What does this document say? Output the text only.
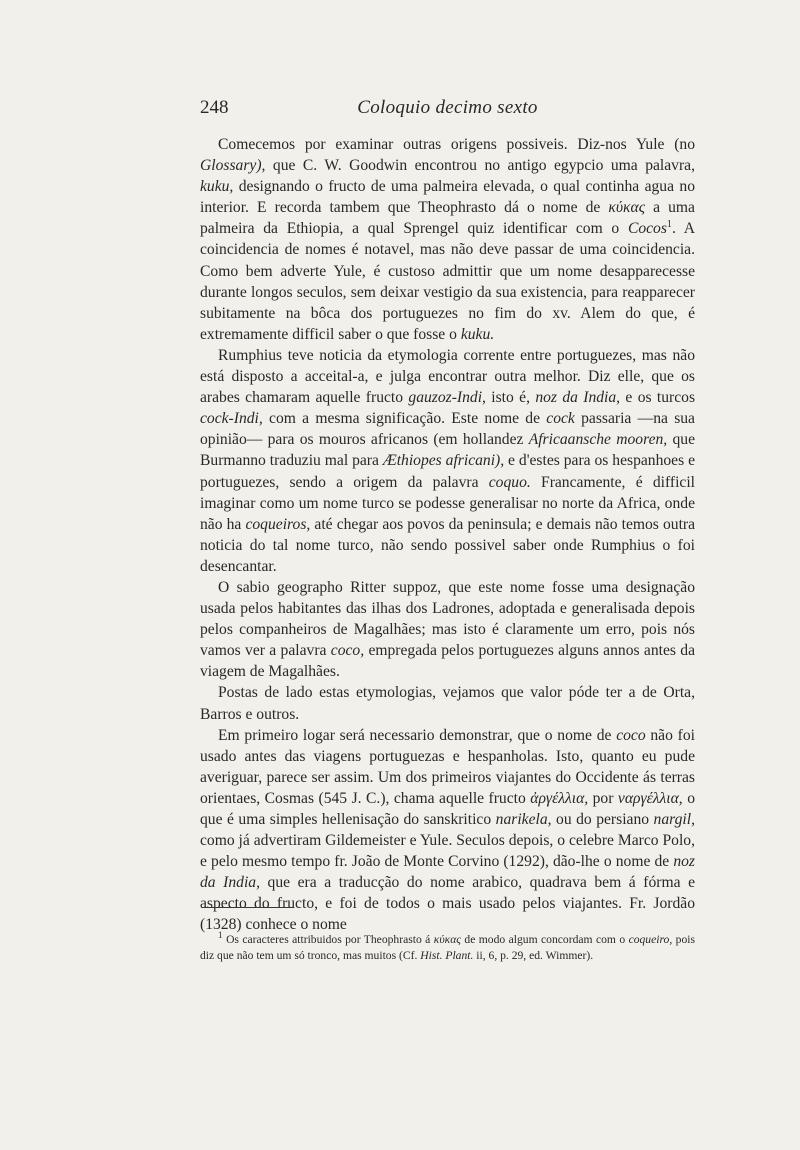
248	Coloquio decimo sexto

Comecemos por examinar outras origens possiveis. Diz-nos Yule (no Glossary), que C. W. Goodwin encontrou no antigo egypcio uma palavra, kuku, designando o fructo de uma palmeira elevada, o qual continha agua no interior. E recorda tambem que Theophrasto dá o nome de κύκας a uma palmeira da Ethiopia, a qual Sprengel quiz identificar com o Cocos$^1$. A coincidencia de nomes é notavel, mas não deve passar de uma coincidencia. Como bem adverte Yule, é custoso admittir que um nome desapparecesse durante longos seculos, sem deixar vestigio da sua existencia, para reapparecer subitamente na bôca dos portuguezes no fim do xv. Alem do que, é extremamente difficil saber o que fosse o kuku.

Rumphius teve noticia da etymologia corrente entre portuguezes, mas não está disposto a acceital-a, e julga encontrar outra melhor. Diz elle, que os arabes chamaram aquelle fructo gauzoz-Indi, isto é, noz da India, e os turcos cock-Indi, com a mesma significação. Este nome de cock passaria —na sua opinião— para os mouros africanos (em hollandez Africaansche mooren, que Burmanno traduziu mal para Æthiopes africani), e d'estes para os hespanhoes e portuguezes, sendo a origem da palavra coquo. Francamente, é difficil imaginar como um nome turco se podesse generalisar no norte da Africa, onde não ha coqueiros, até chegar aos povos da peninsula; e demais não temos outra noticia do tal nome turco, não sendo possivel saber onde Rumphius o foi desencantar.

O sabio geographo Ritter suppoz, que este nome fosse uma designação usada pelos habitantes das ilhas dos Ladrones, adoptada e generalisada depois pelos companheiros de Magalhães; mas isto é claramente um erro, pois nós vamos ver a palavra coco, empregada pelos portuguezes alguns annos antes da viagem de Magalhães.

Postas de lado estas etymologias, vejamos que valor póde ter a de Orta, Barros e outros.

Em primeiro logar será necessario demonstrar, que o nome de coco não foi usado antes das viagens portuguezas e hespanholas. Isto, quanto eu pude averiguar, parece ser assim. Um dos primeiros viajantes do Occidente ás terras orientaes, Cosmas (545 J. C.), chama aquelle fructo ἀργέλλια, por ναργέλλια, o que é uma simples hellenisação do sanskritico narikela, ou do persiano nargil, como já advertiram Gildemeister e Yule. Seculos depois, o celebre Marco Polo, e pelo mesmo tempo fr. João de Monte Corvino (1292), dão-lhe o nome de noz da India, que era a traducção do nome arabico, quadrava bem á fórma e aspecto do fructo, e foi de todos o mais usado pelos viajantes. Fr. Jordão (1328) conhece o nome

$^1$ Os caracteres attribuidos por Theophrasto á κύκας de modo algum concordam com o coqueiro, pois diz que não tem um só tronco, mas muitos (Cf. Hist. Plant. ii, 6, p. 29, ed. Wimmer).
